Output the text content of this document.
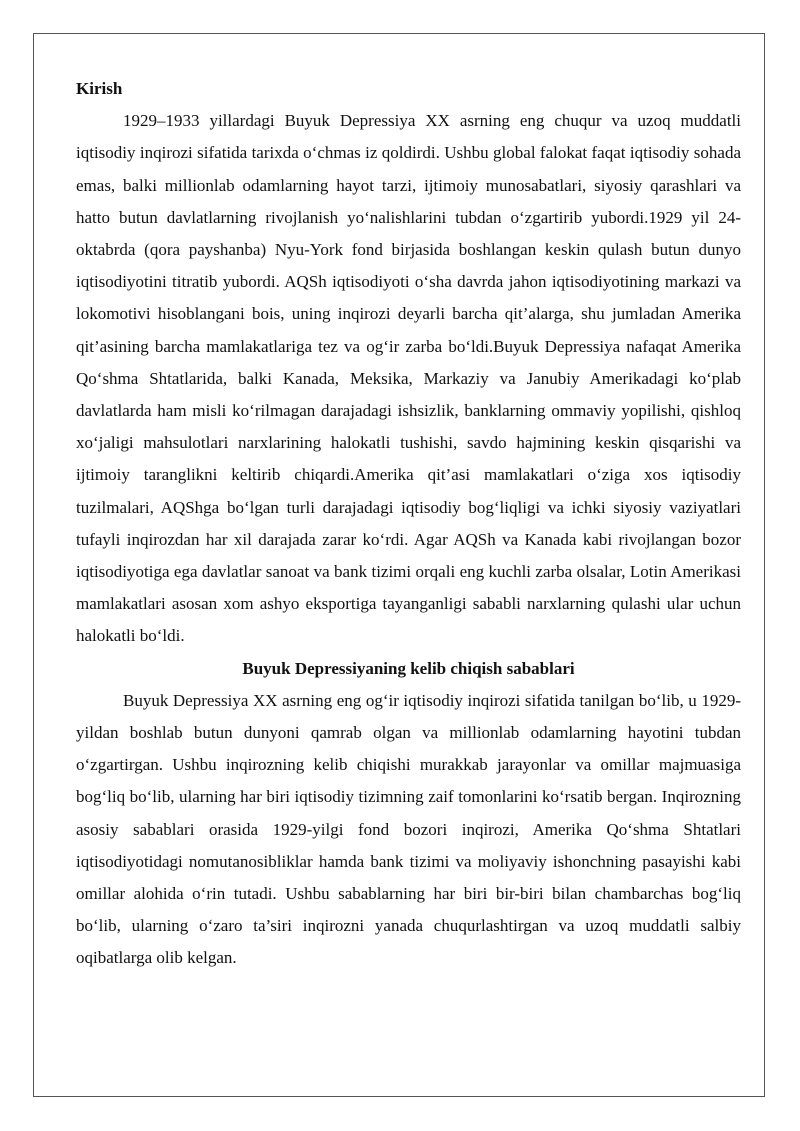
Kirish

1929–1933 yillardagi Buyuk Depressiya XX asrning eng chuqur va uzoq muddatli iqtisodiy inqirozi sifatida tarixda o‘chmas iz qoldirdi. Ushbu global falokat faqat iqtisodiy sohada emas, balki millionlab odamlarning hayot tarzi, ijtimoiy munosabatlari, siyosiy qarashlari va hatto butun davlatlarning rivojlanish yo‘nalishlarini tubdan o‘zgartirib yubordi.1929 yil 24-oktabrda (qora payshanba) Nyu-York fond birjasida boshlangan keskin qulash butun dunyo iqtisodiyotini titratib yubordi. AQSh iqtisodiyoti o‘sha davrda jahon iqtisodiyotining markazi va lokomotivi hisoblangani bois, uning inqirozi deyarli barcha qit’alarga, shu jumladan Amerika qit’asining barcha mamlakatlariga tez va og‘ir zarba bo‘ldi.Buyuk Depressiya nafaqat Amerika Qo‘shma Shtatlarida, balki Kanada, Meksika, Markaziy va Janubiy Amerikadagi ko‘plab davlatlarda ham misli ko‘rilmagan darajadagi ishsizlik, banklarning ommaviy yopilishi, qishloq xo‘jaligi mahsulotlari narxlarining halokatli tushishi, savdo hajmining keskin qisqarishi va ijtimoiy taranglikni keltirib chiqardi.Amerika qit’asi mamlakatlari o‘ziga xos iqtisodiy tuzilmalari, AQShga bo‘lgan turli darajadagi iqtisodiy bog‘liqligi va ichki siyosiy vaziyatlari tufayli inqirozdan har xil darajada zarar ko‘rdi. Agar AQSh va Kanada kabi rivojlangan bozor iqtisodiyotiga ega davlatlar sanoat va bank tizimi orqali eng kuchli zarba olsalar, Lotin Amerikasi mamlakatlari asosan xom ashyo eksportiga tayanganligi sababli narxlarning qulashi ular uchun halokatli bo‘ldi.

Buyuk Depressiyaning kelib chiqish sabablari

Buyuk Depressiya XX asrning eng og‘ir iqtisodiy inqirozi sifatida tanilgan bo‘lib, u 1929-yildan boshlab butun dunyoni qamrab olgan va millionlab odamlarning hayotini tubdan o‘zgartirgan. Ushbu inqirozning kelib chiqishi murakkab jarayonlar va omillar majmuasiga bog‘liq bo‘lib, ularning har biri iqtisodiy tizimning zaif tomonlarini ko‘rsatib bergan. Inqirozning asosiy sabablari orasida 1929-yilgi fond bozori inqirozi, Amerika Qo‘shma Shtatlari iqtisodiyotidagi nomutanosibliklar hamda bank tizimi va moliyaviy ishonchning pasayishi kabi omillar alohida o‘rin tutadi. Ushbu sabablarning har biri bir-biri bilan chambarchas bog‘liq bo‘lib, ularning o‘zaro ta’siri inqirozni yanada chuqurlashtirgan va uzoq muddatli salbiy oqibatlarga olib kelgan.
